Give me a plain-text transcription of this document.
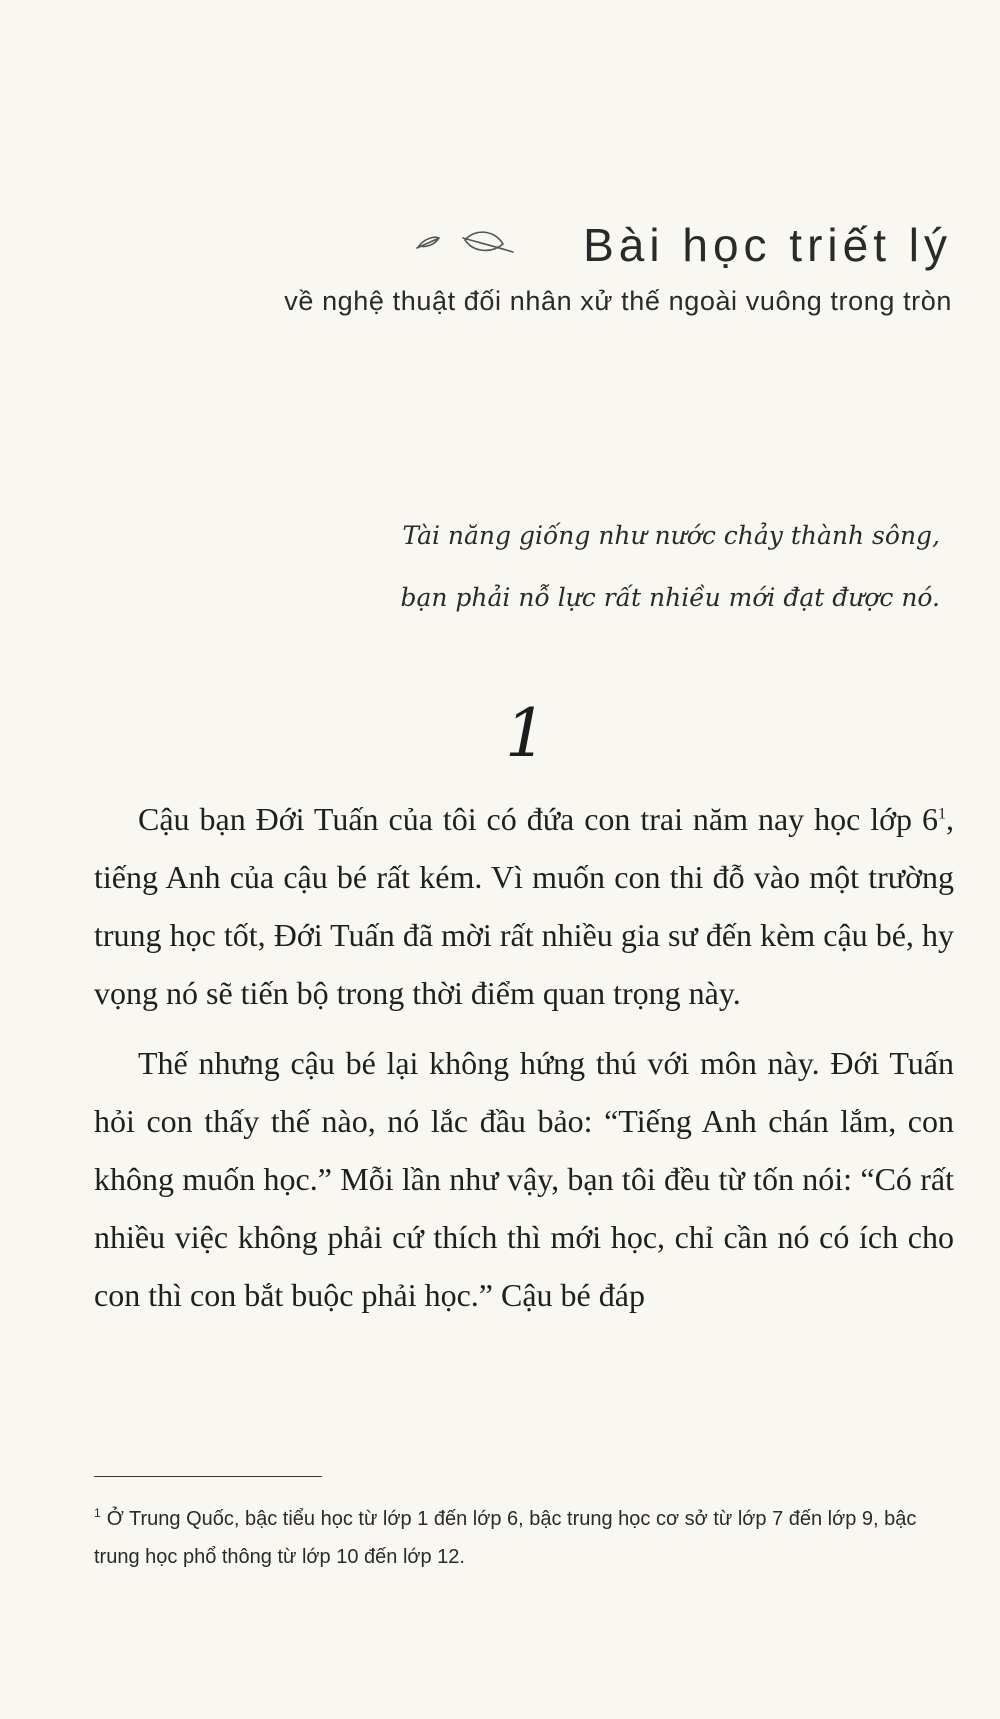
Bài học triết lý
về nghệ thuật đối nhân xử thế ngoài vuông trong tròn
Tài năng giống như nước chảy thành sông,
bạn phải nỗ lực rất nhiều mới đạt được nó.
1

Cậu bạn Đới Tuấn của tôi có đứa con trai năm nay học lớp $6^1$, tiếng Anh của cậu bé rất kém. Vì muốn con thi đỗ vào một trường trung học tốt, Đới Tuấn đã mời rất nhiều gia sư đến kèm cậu bé, hy vọng nó sẽ tiến bộ trong thời điểm quan trọng này.

Thế nhưng cậu bé lại không hứng thú với môn này. Đới Tuấn hỏi con thấy thế nào, nó lắc đầu bảo: “Tiếng Anh chán lắm, con không muốn học.” Mỗi lần như vậy, bạn tôi đều từ tốn nói: “Có rất nhiều việc không phải cứ thích thì mới học, chỉ cần nó có ích cho con thì con bắt buộc phải học.” Cậu bé đáp

$^1$ Ở Trung Quốc, bậc tiểu học từ lớp 1 đến lớp 6, bậc trung học cơ sở từ lớp 7 đến lớp 9, bậc trung học phổ thông từ lớp 10 đến lớp 12.
